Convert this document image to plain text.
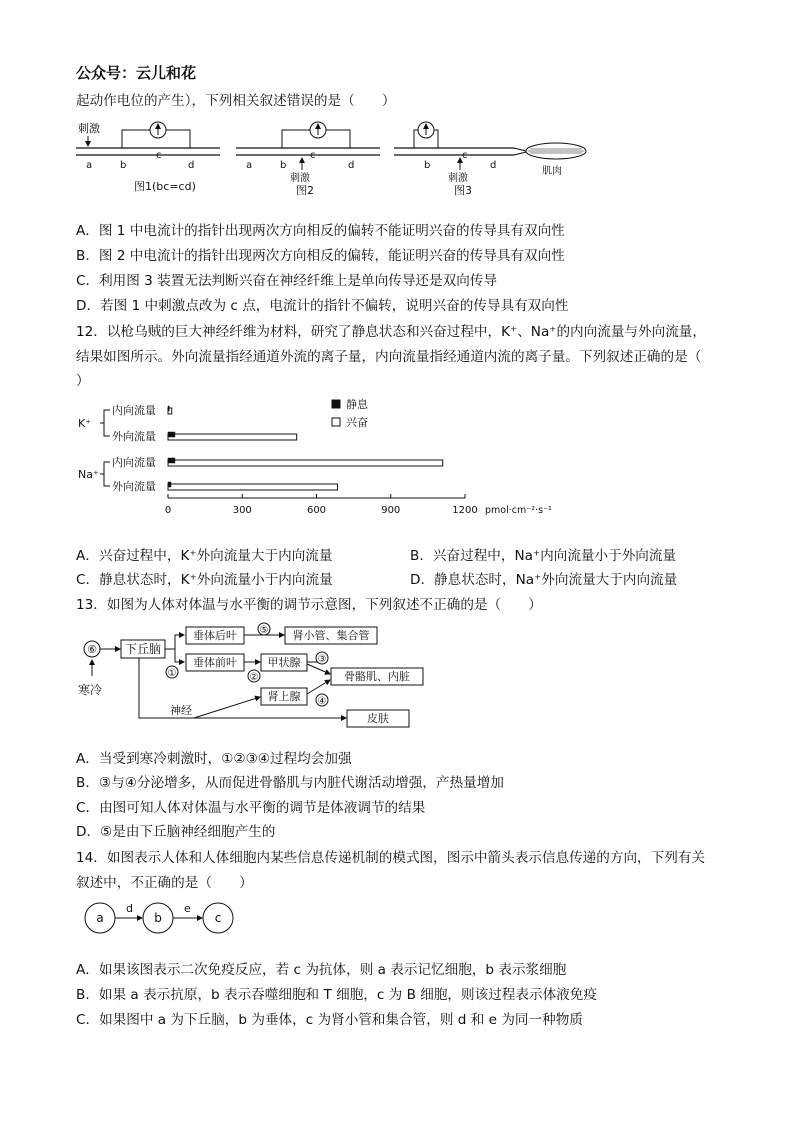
公众号：云儿和花
起动作电位的产生），下列相关叙述错误的是（　　）
刺激
a	b
c
d
图1(bc=cd)
a	b
c
d
刺激
图2
b
c
d
刺激
图3
肌肉
A．图 1 中电流计的指针出现两次方向相反的偏转不能证明兴奋的传导具有双向性
B．图 2 中电流计的指针出现两次方向相反的偏转，能证明兴奋的传导具有双向性
C．利用图 3 装置无法判断兴奋在神经纤维上是单向传导还是双向传导
D．若图 1 中刺激点改为 c 点，电流计的指针不偏转，说明兴奋的传导具有双向性
12．以枪乌贼的巨大神经纤维为材料，研究了静息状态和兴奋过程中，K⁺、Na⁺的内向流量与外向流量，
结果如图所示。外向流量指经通道外流的离子量，内向流量指经通道内流的离子量。下列叙述正确的是（
）
0	300	600	900	1200 pmol·cm⁻²·s⁻¹
K⁺
Na⁺
内向流量
外向流量
内向流量
外向流量
静息
兴奋
A．兴奋过程中，K⁺外向流量大于内向流量	B．兴奋过程中，Na⁺内向流量小于外向流量
C．静息状态时，K⁺外向流量小于内向流量	D．静息状态时，Na⁺外向流量大于内向流量
13．如图为人体对体温与水平衡的调节示意图，下列叙述不正确的是（　　）
⑥
寒冷
下丘脑
垂体后叶
垂体前叶
⑤ 肾小管、集合管
①
甲状腺
②
③
骨骼肌、内脏
肾上腺 ④
神经
皮肤
A．当受到寒冷刺激时，①②③④过程均会加强
B．③与④分泌增多，从而促进骨骼肌与内脏代谢活动增强，产热量增加
C．由图可知人体对体温与水平衡的调节是体液调节的结果
D．⑤是由下丘脑神经细胞产生的
14．如图表示人体和人体细胞内某些信息传递机制的模式图，图示中箭头表示信息传递的方向，下列有关
叙述中，不正确的是（　　）
a
d
b
e
c
A．如果该图表示二次免疫反应，若 c 为抗体，则 a 表示记忆细胞，b 表示浆细胞
B．如果 a 表示抗原，b 表示吞噬细胞和 T 细胞，c 为 B 细胞，则该过程表示体液免疫
C．如果图中 a 为下丘脑，b 为垂体，c 为肾小管和集合管，则 d 和 e 为同一种物质
